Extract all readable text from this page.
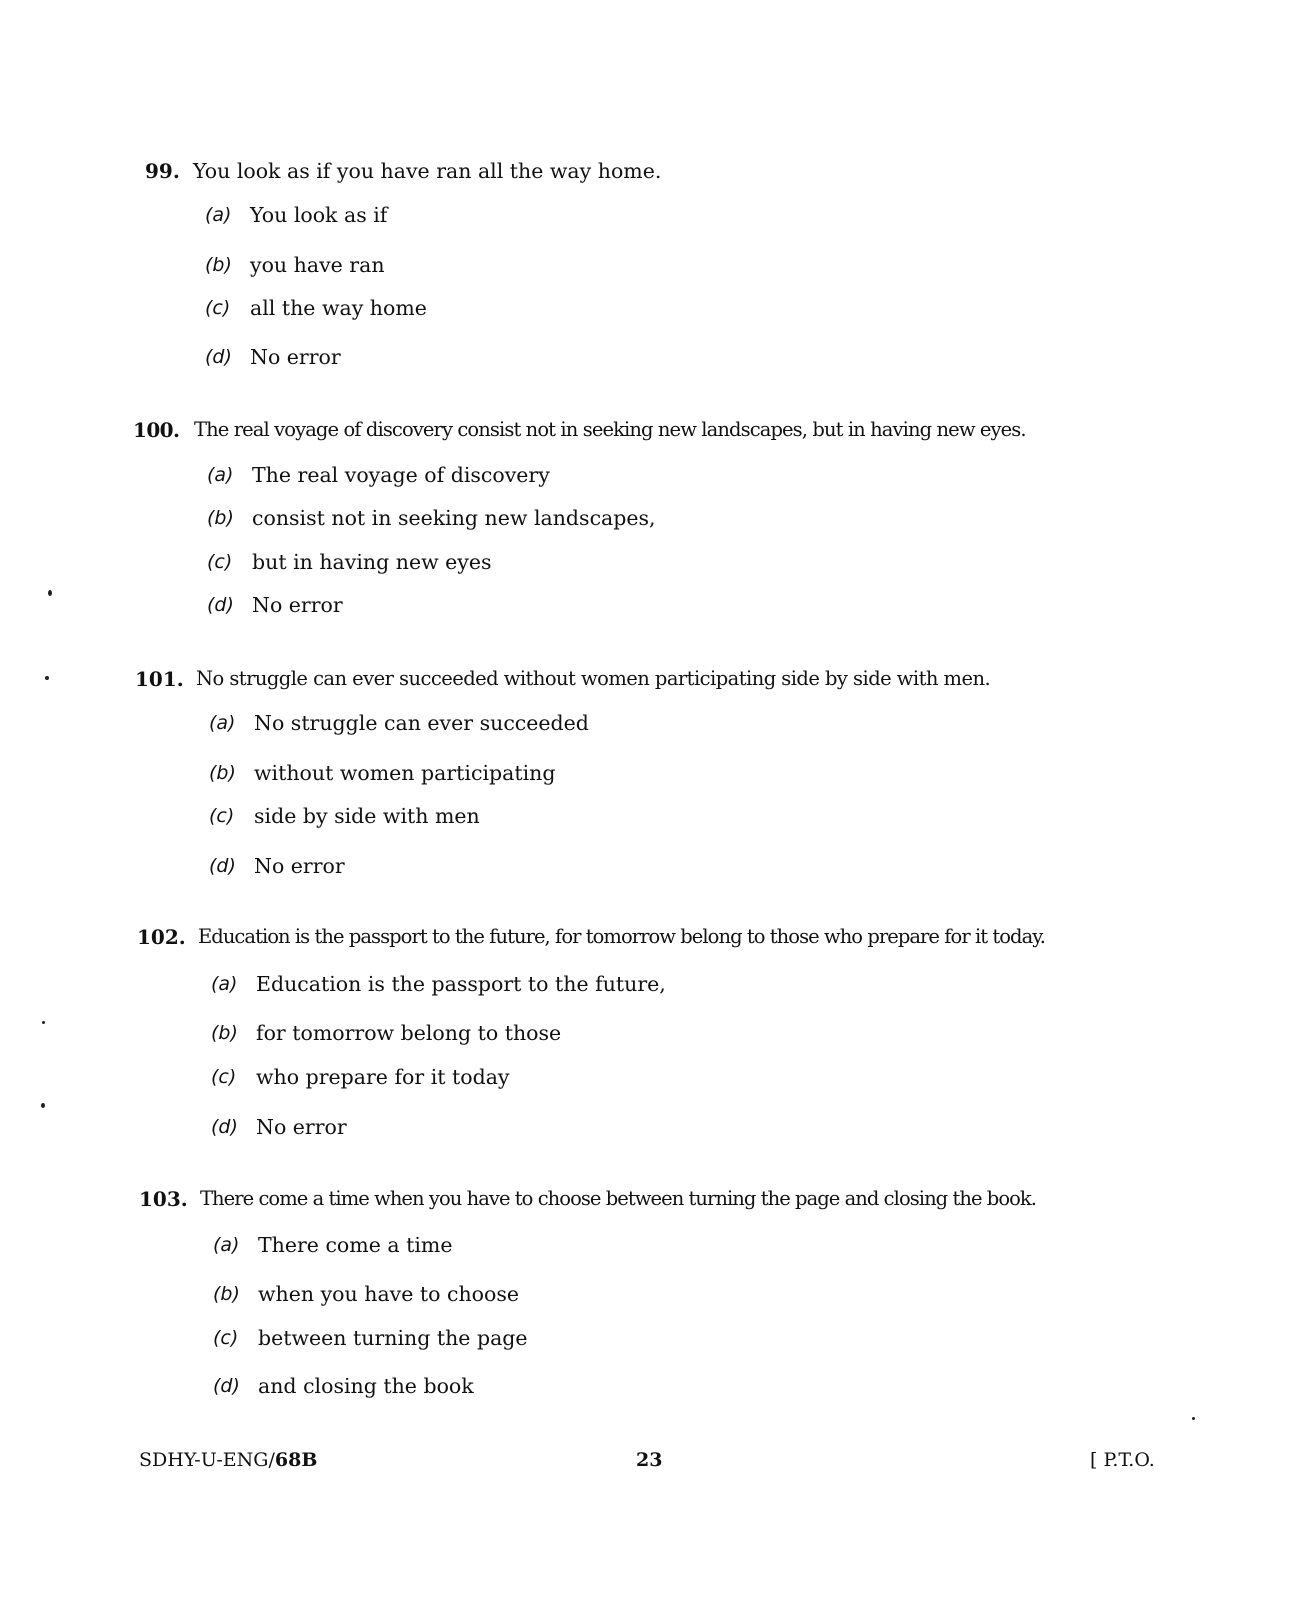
99. You look as if you have ran all the way home.
(a) You look as if
(b) you have ran
(c) all the way home
(d) No error
100. The real voyage of discovery consist not in seeking new landscapes, but in having new eyes.
(a) The real voyage of discovery
(b) consist not in seeking new landscapes,
(c) but in having new eyes
(d) No error
101. No struggle can ever succeeded without women participating side by side with men.
(a) No struggle can ever succeeded
(b) without women participating
(c) side by side with men
(d) No error
102. Education is the passport to the future, for tomorrow belong to those who prepare for it today.
(a) Education is the passport to the future,
(b) for tomorrow belong to those
(c) who prepare for it today
(d) No error
103. There come a time when you have to choose between turning the page and closing the book.
(a) There come a time
(b) when you have to choose
(c) between turning the page
(d) and closing the book
SDHY-U-ENG/68B	23	[ P.T.O.
